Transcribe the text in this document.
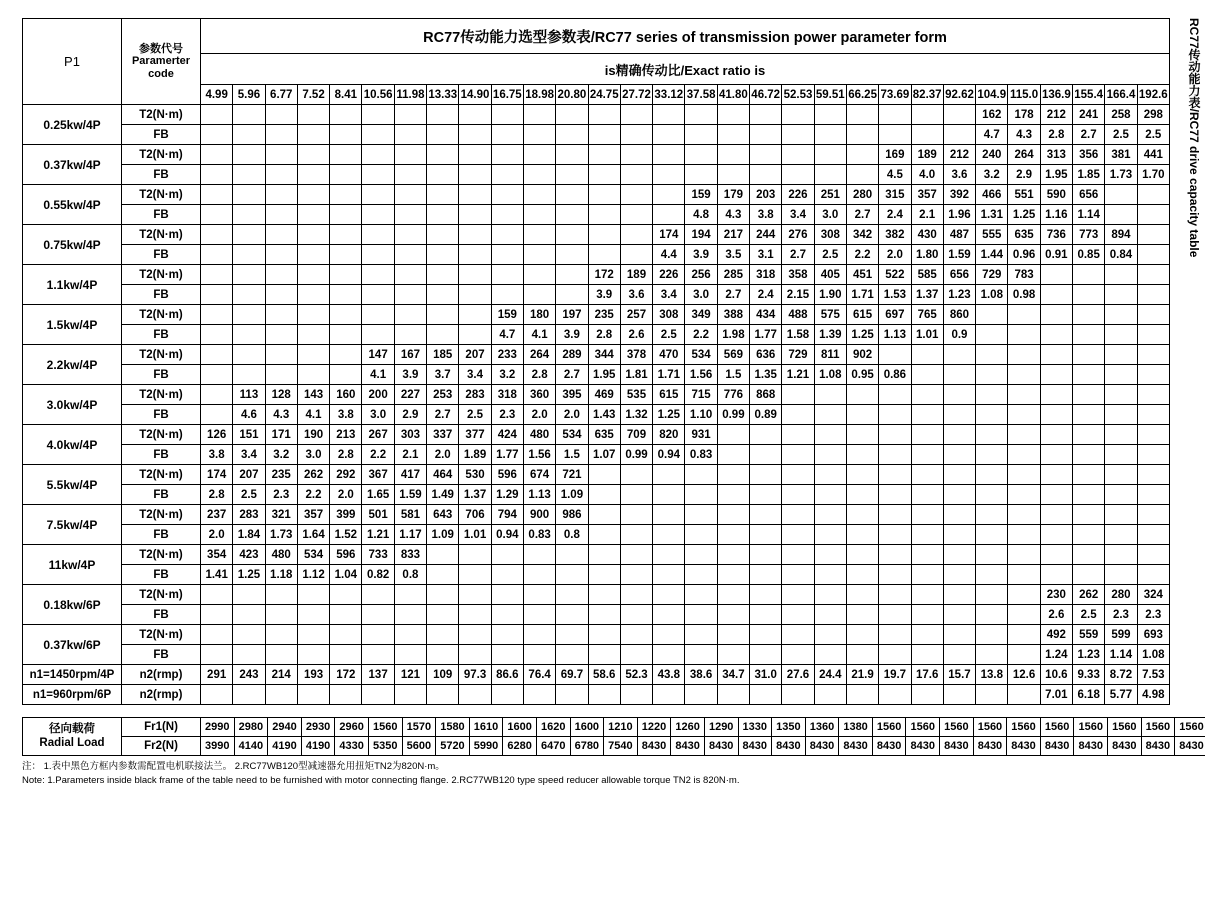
RC77传动能力表/RC77 drive capacity table
P1	参数代号
Paramerter
code	RC77传动能力选型参数表/RC77 series of transmission power parameter form																													
		is精确传动比/Exact ratio is																													
		4.99	5.96	6.77	7.52	8.41	10.56	11.98	13.33	14.90	16.75	18.98	20.80	24.75	27.72	33.12	37.58	41.80	46.72	52.53	59.51	66.25	73.69	82.37	92.62	104.9	115.0	136.9	155.4	166.4	192.6
0.25kw/4P	T2(N·m)																									162	178	212	241	258	298
	FB																									4.7	4.3	2.8	2.7	2.5	2.5
0.37kw/4P	T2(N·m)																						169	189	212	240	264	313	356	381	441
	FB																						4.5	4.0	3.6	3.2	2.9	1.95	1.85	1.73	1.70
0.55kw/4P	T2(N·m)																159	179	203	226	251	280	315	357	392	466	551	590	656		
	FB																4.8	4.3	3.8	3.4	3.0	2.7	2.4	2.1	1.96	1.31	1.25	1.16	1.14		
0.75kw/4P	T2(N·m)															174	194	217	244	276	308	342	382	430	487	555	635	736	773	894	
	FB															4.4	3.9	3.5	3.1	2.7	2.5	2.2	2.0	1.80	1.59	1.44	0.96	0.91	0.85	0.84	
1.1kw/4P	T2(N·m)													172	189	226	256	285	318	358	405	451	522	585	656	729	783				
	FB													3.9	3.6	3.4	3.0	2.7	2.4	2.15	1.90	1.71	1.53	1.37	1.23	1.08	0.98				
1.5kw/4P	T2(N·m)										159	180	197	235	257	308	349	388	434	488	575	615	697	765	860						
	FB										4.7	4.1	3.9	2.8	2.6	2.5	2.2	1.98	1.77	1.58	1.39	1.25	1.13	1.01	0.9						
2.2kw/4P	T2(N·m)						147	167	185	207	233	264	289	344	378	470	534	569	636	729	811	902									
	FB						4.1	3.9	3.7	3.4	3.2	2.8	2.7	1.95	1.81	1.71	1.56	1.5	1.35	1.21	1.08	0.95	0.86								
3.0kw/4P	T2(N·m)		113	128	143	160	200	227	253	283	318	360	395	469	535	615	715	776	868												
	FB		4.6	4.3	4.1	3.8	3.0	2.9	2.7	2.5	2.3	2.0	2.0	1.43	1.32	1.25	1.10	0.99	0.89												
4.0kw/4P	T2(N·m)	126	151	171	190	213	267	303	337	377	424	480	534	635	709	820	931														
	FB	3.8	3.4	3.2	3.0	2.8	2.2	2.1	2.0	1.89	1.77	1.56	1.5	1.07	0.99	0.94	0.83														
5.5kw/4P	T2(N·m)	174	207	235	262	292	367	417	464	530	596	674	721																		
	FB	2.8	2.5	2.3	2.2	2.0	1.65	1.59	1.49	1.37	1.29	1.13	1.09																		
7.5kw/4P	T2(N·m)	237	283	321	357	399	501	581	643	706	794	900	986																		
	FB	2.0	1.84	1.73	1.64	1.52	1.21	1.17	1.09	1.01	0.94	0.83	0.8																		
11kw/4P	T2(N·m)	354	423	480	534	596	733	833																							
	FB	1.41	1.25	1.18	1.12	1.04	0.82	0.8																							
0.18kw/6P	T2(N·m)																											230	262	280	324
	FB																											2.6	2.5	2.3	2.3
0.37kw/6P	T2(N·m)																											492	559	599	693
	FB																											1.24	1.23	1.14	1.08
n1=1450rpm/4P	n2(rmp)	291	243	214	193	172	137	121	109	97.3	86.6	76.4	69.7	58.6	52.3	43.8	38.6	34.7	31.0	27.6	24.4	21.9	19.7	17.6	15.7	13.8	12.6	10.6	9.33	8.72	7.53
n1=960rpm/6P	n2(rmp)																											7.01	6.18	5.77	4.98
径向载荷
Radial Load	Fr1(N)	2990	2980	2940	2930	2960	1560	1570	1580	1610	1600	1620	1600	1210	1220	1260	1290	1330	1350	1360	1380	1560	1560	1560	1560	1560	1560	1560	1560	1560	1560
	Fr2(N)	3990	4140	4190	4190	4330	5350	5600	5720	5990	6280	6470	6780	7540	8430	8430	8430	8430	8430	8430	8430	8430	8430	8430	8430	8430	8430	8430	8430	8430	8430
注： 1.表中黑色方框内参数需配置电机联接法兰。 2.RC77WB120型减速器允用扭矩TN2为820N·m。
Note: 1.Parameters inside black frame of the table need to be furnished with motor connecting flange. 2.RC77WB120 type speed reducer allowable torque TN2 is 820N·m.
